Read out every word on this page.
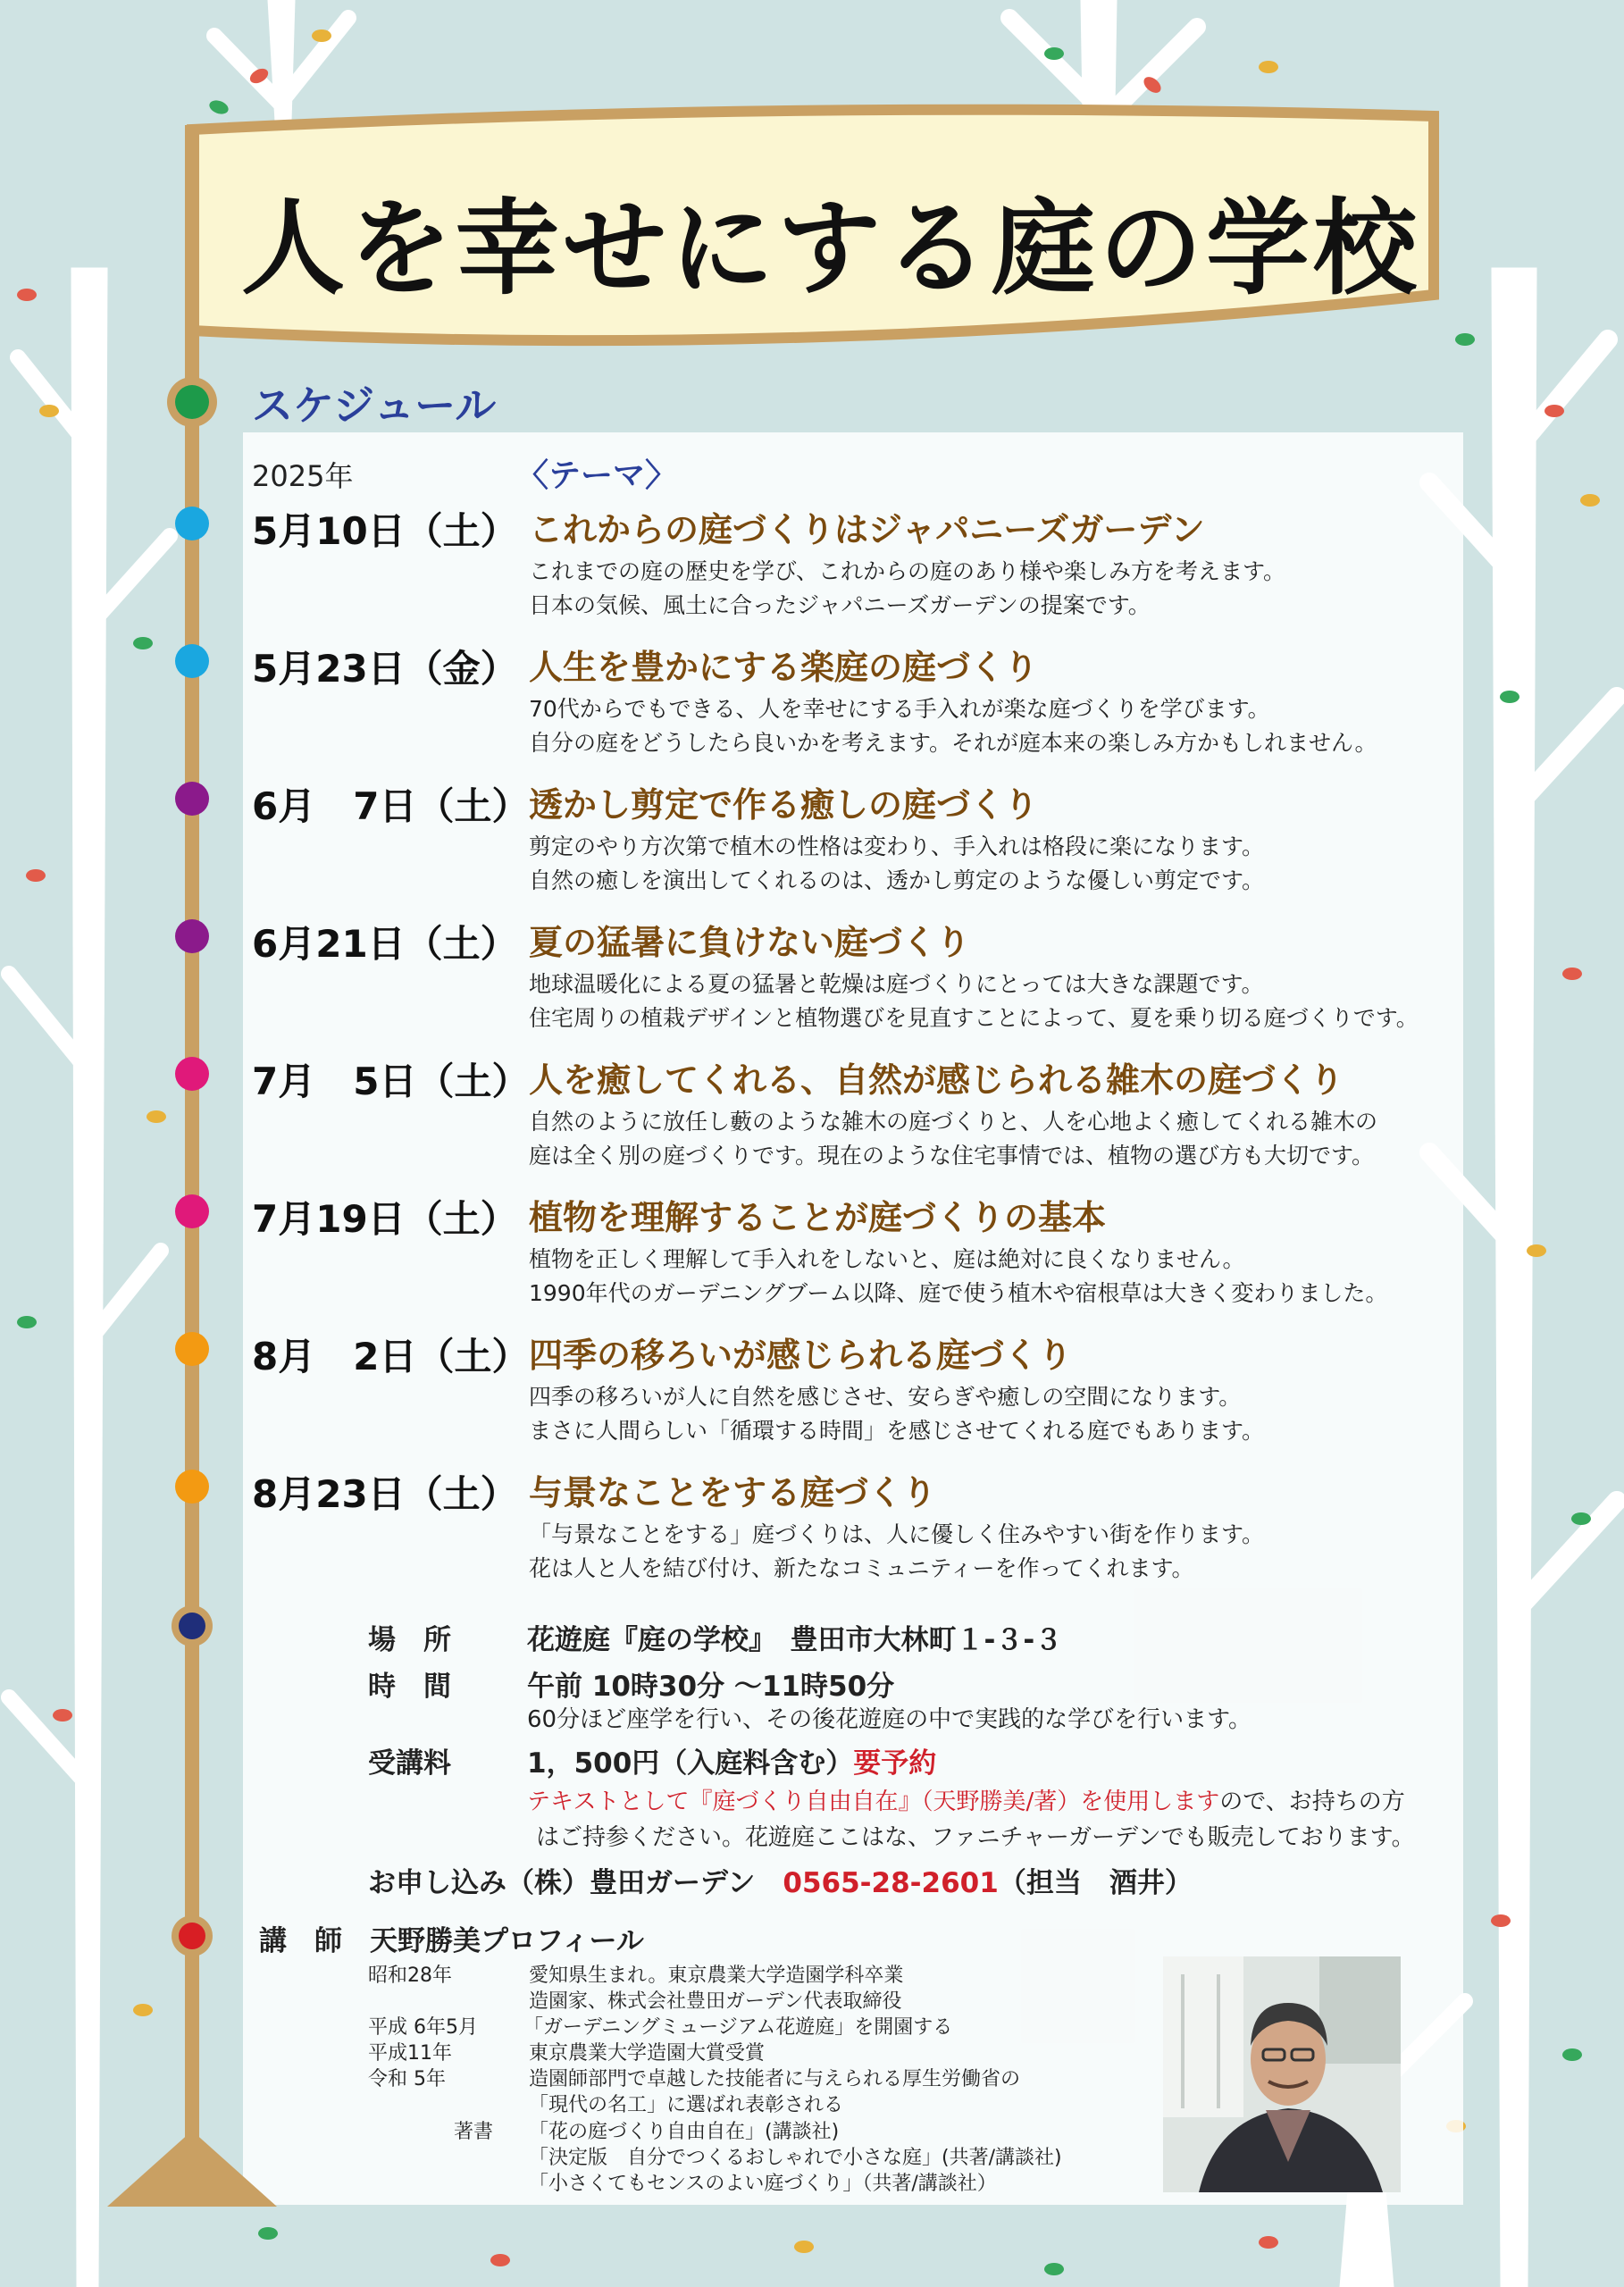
人を幸せにする庭の学校
スケジュール
2025年	〈テーマ〉
5月10日（土） これからの庭づくりはジャパニーズガーデン
これまでの庭の歴史を学び、これからの庭のあり様や楽しみ方を考えます。
日本の気候、風土に合ったジャパニーズガーデンの提案です。
5月23日（金） 人生を豊かにする楽庭の庭づくり
70代からでもできる、人を幸せにする手入れが楽な庭づくりを学びます。
自分の庭をどうしたら良いかを考えます。それが庭本来の楽しみ方かもしれません。
6月　7日（土） 透かし剪定で作る癒しの庭づくり
剪定のやり方次第で植木の性格は変わり、手入れは格段に楽になります。
自然の癒しを演出してくれるのは、透かし剪定のような優しい剪定です。
6月21日（土） 夏の猛暑に負けない庭づくり
地球温暖化による夏の猛暑と乾燥は庭づくりにとっては大きな課題です。
住宅周りの植栽デザインと植物選びを見直すことによって、夏を乗り切る庭づくりです。
7月　5日（土） 人を癒してくれる、自然が感じられる雑木の庭づくり
自然のように放任し藪のような雑木の庭づくりと、人を心地よく癒してくれる雑木の
庭は全く別の庭づくりです。現在のような住宅事情では、植物の選び方も大切です。
7月19日（土） 植物を理解することが庭づくりの基本
植物を正しく理解して手入れをしないと、庭は絶対に良くなりません。
1990年代のガーデニングブーム以降、庭で使う植木や宿根草は大きく変わりました。
8月　2日（土） 四季の移ろいが感じられる庭づくり
四季の移ろいが人に自然を感じさせ、安らぎや癒しの空間になります。
まさに人間らしい「循環する時間」を感じさせてくれる庭でもあります。
8月23日（土） 与景なことをする庭づくり
「与景なことをする」庭づくりは、人に優しく住みやすい街を作ります。
花は人と人を結び付け、新たなコミュニティーを作ってくれます。
場　所	花遊庭『庭の学校』　豊田市大林町１-３-３
時　間	午前 10時30分 ～11時50分
60分ほど座学を行い、その後花遊庭の中で実践的な学びを行います。
受講料	1，500円（入庭料含む）要予約
テキストとして『庭づくり自由自在』（天野勝美/著）を使用しますので、お持ちの方
はご持参ください。花遊庭ここはな、ファニチャーガーデンでも販売しております。
お申し込み（株）豊田ガーデン　 0565-28-2601（担当　酒井）
講　師　天野勝美プロフィール
昭和28年	愛知県生まれ。東京農業大学造園学科卒業
造園家、株式会社豊田ガーデン代表取締役
平成 6年5月 「ガーデニングミュージアム花遊庭」を開園する
平成11年	東京農業大学造園大賞受賞
令和 5年	造園師部門で卓越した技能者に与えられる厚生労働省の
「現代の名工」に選ばれ表彰される
著書 「花の庭づくり自由自在」(講談社)
「決定版　自分でつくるおしゃれで小さな庭」(共著/講談社)
「小さくてもセンスのよい庭づくり」（共著/講談社）
